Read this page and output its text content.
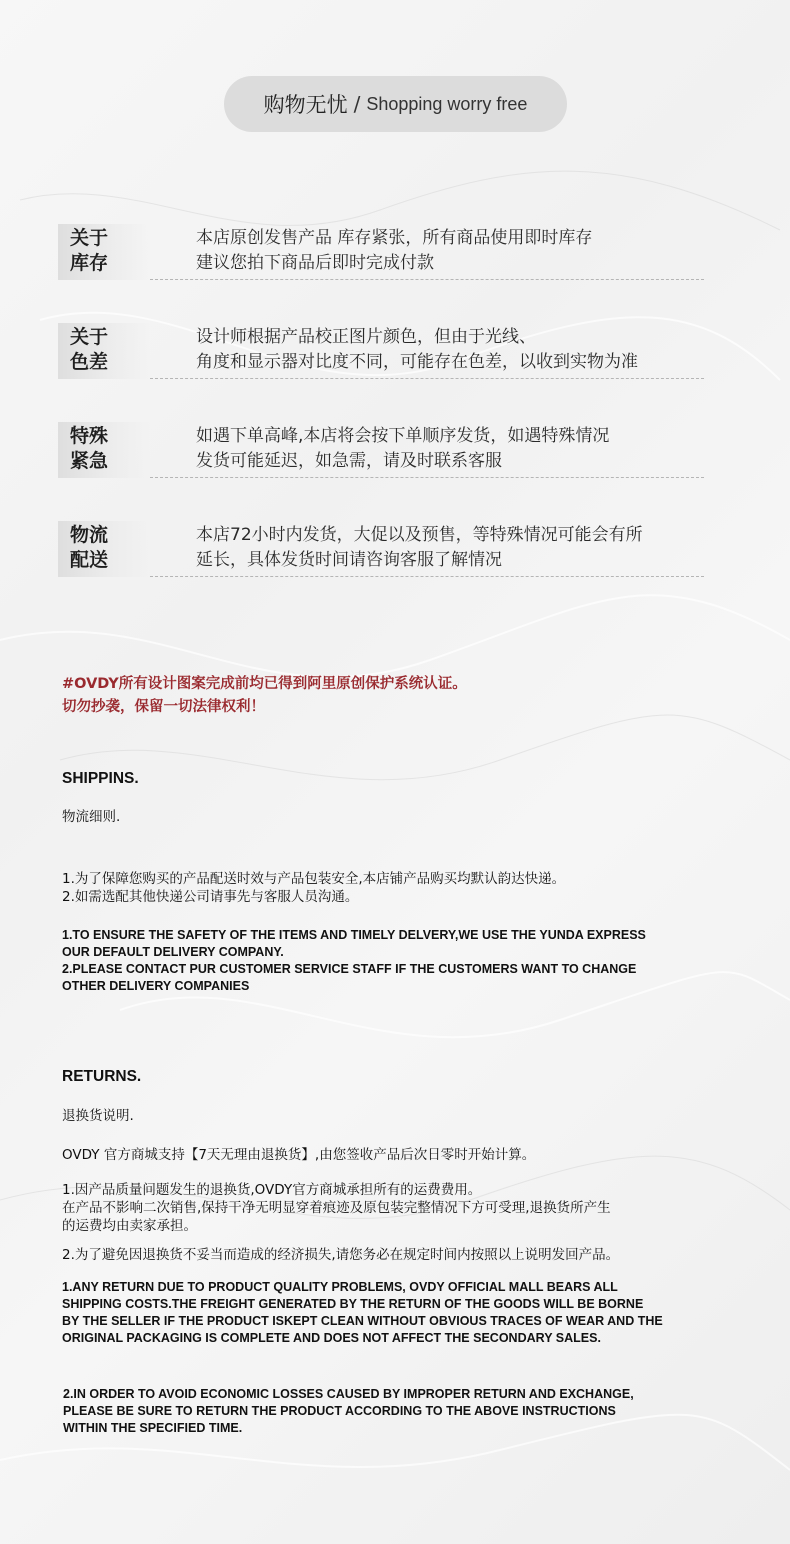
购物无忧 / Shopping worry free
关于
库存
本店原创发售产品 库存紧张，所有商品使用即时库存
建议您拍下商品后即时完成付款
关于
色差
设计师根据产品校正图片颜色，但由于光线、
角度和显示器对比度不同，可能存在色差，以收到实物为准
特殊
紧急
如遇下单高峰,本店将会按下单顺序发货，如遇特殊情况
发货可能延迟，如急需，请及时联系客服
物流
配送
本店72小时内发货，大促以及预售，等特殊情况可能会有所
延长，具体发货时间请咨询客服了解情况
#OVDY所有设计图案完成前均已得到阿里原创保护系统认证。
切勿抄袭，保留一切法律权利！
SHIPPINS.
物流细则.
1.为了保障您购买的产品配送时效与产品包装安全,本店铺产品购买均默认韵达快递。
2.如需选配其他快递公司请事先与客服人员沟通。
1.TO ENSURE THE SAFETY OF THE ITEMS AND TIMELY DELVERY,WE USE THE YUNDA EXPRESS
OUR DEFAULT DELIVERY COMPANY.
2.PLEASE CONTACT PUR CUSTOMER SERVICE STAFF IF THE CUSTOMERS WANT TO CHANGE
OTHER DELIVERY COMPANIES
RETURNS.
退换货说明.
OVDY 官方商城支持【7天无理由退换货】,由您签收产品后次日零时开始计算。
1.因产品质量问题发生的退换货,OVDY官方商城承担所有的运费费用。
在产品不影响二次销售,保持干净无明显穿着痕迹及原包装完整情况下方可受理,退换货所产生
的运费均由卖家承担。
2.为了避免因退换货不妥当而造成的经济损失,请您务必在规定时间内按照以上说明发回产品。
1.ANY RETURN DUE TO PRODUCT QUALITY PROBLEMS, OVDY OFFICIAL MALL BEARS ALL
SHIPPING COSTS.THE FREIGHT GENERATED BY THE RETURN OF THE GOODS WILL BE BORNE
BY THE SELLER IF THE PRODUCT ISKEPT CLEAN WITHOUT OBVIOUS TRACES OF WEAR AND THE
ORIGINAL PACKAGING IS COMPLETE AND DOES NOT AFFECT THE SECONDARY SALES.
2.IN ORDER TO AVOID ECONOMIC LOSSES CAUSED BY IMPROPER RETURN AND EXCHANGE,
PLEASE BE SURE TO RETURN THE PRODUCT ACCORDING TO THE ABOVE INSTRUCTIONS
WITHIN THE SPECIFIED TIME.
